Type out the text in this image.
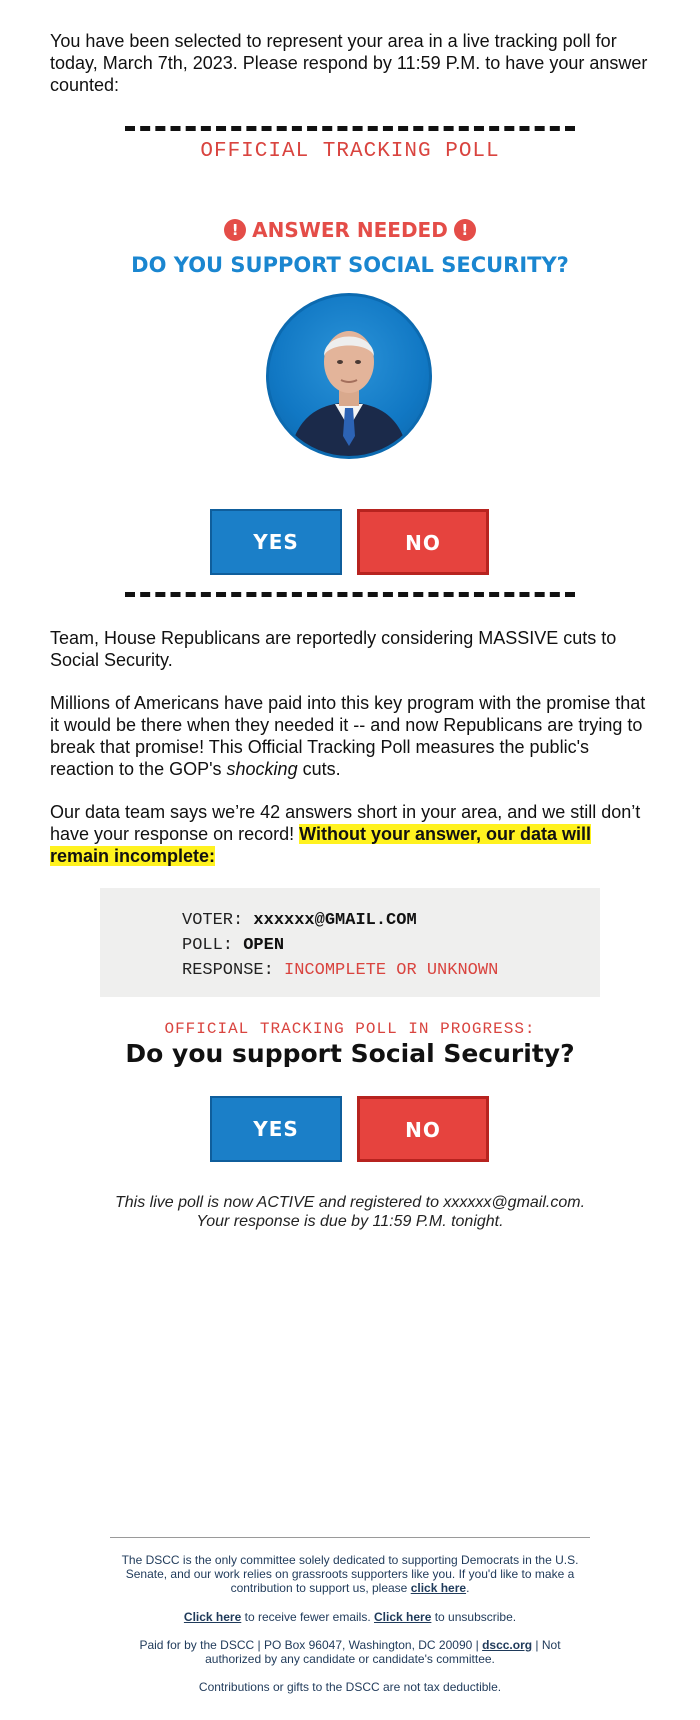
You have been selected to represent your area in a live tracking poll for today, March 7th, 2023. Please respond by 11:59 P.M. to have your answer counted:
OFFICIAL TRACKING POLL
! ANSWER NEEDED !
DO YOU SUPPORT SOCIAL SECURITY?
YES	NO
Team, House Republicans are reportedly considering MASSIVE cuts to Social Security.
Millions of Americans have paid into this key program with the promise that it would be there when they needed it -- and now Republicans are trying to break that promise! This Official Tracking Poll measures the public's reaction to the GOP's shocking cuts.
Our data team says we’re 42 answers short in your area, and we still don’t have your response on record! Without your answer, our data will remain incomplete:
VOTER: xxxxxx@GMAIL.COM
POLL: OPEN
RESPONSE: INCOMPLETE OR UNKNOWN
OFFICIAL TRACKING POLL IN PROGRESS:
Do you support Social Security?
YES	NO
This live poll is now ACTIVE and registered to xxxxxx@gmail.com.
Your response is due by 11:59 P.M. tonight.
The DSCC is the only committee solely dedicated to supporting Democrats in the U.S. Senate, and our work relies on grassroots supporters like you. If you'd like to make a contribution to support us, please click here.
Click here to receive fewer emails. Click here to unsubscribe.
Paid for by the DSCC | PO Box 96047, Washington, DC 20090 | dscc.org | Not authorized by any candidate or candidate's committee.
Contributions or gifts to the DSCC are not tax deductible.
